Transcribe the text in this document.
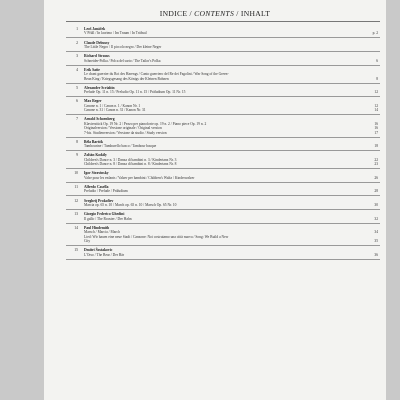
INDICE / CONTENTS / INHALT
1 Leoš Janáček
V Pfüll / In lacrimo / Im Traum / In Trübsal	p. 2
2 Claude Debussy
The Little Negro / Il piccolo negro / Der kleine Neger
3 Richard Strauss
Schneider-Polka / Polca del sarto / The Tailor's Polka	6
4 Erik Satie
Le chant guerrier du Roi des Harengs / Canto guerriero del Re dei Fagolini / War Song of the Green-
Bean King / Kriegsgesang des Königs der Kleinen Bohnen	8
5 Alexander Scriabin
Prelude Op. 11 n. 15 / Preludio Op. 11 n. 15 / Präludium Op. 11 Nr. 15	12
6 Max Reger
Canone n. 1 / Canon n. 1 / Kanon Nr. 1	12
Canone n. 31 / Canon n. 31 / Kanon Nr. 31	14
7 Arnold Schoenberg
Klavierstück Op. 19 Nr. 2 / Pezzo per pianoforte op. 19 n. 2 / Piano piece Op. 19 n. 2	16
Originalversion / Versione originale / Original version	16
7-bis. Studienversion / Versione da studio / Study version	17
8 Béla Bartók
Tambourine / Tamburello basco / Tambour basque	18
9 Zoltán Kodály
Children's Dance n. 3 / Danza di bambini n. 3 / Kindertanz Nr. 3	22
Children's Dance n. 8 / Danza di bambini n. 8 / Kindertanz Nr. 8	23
10 Igor Stravinsky
Valse pour les enfants / Valzer per bambini / Children's Waltz / Kinderwalzer	26
11 Alfredo Casella
Preludio / Prelude / Präludium	28
12 Sergheij Prokofiev
Marcia op. 65 n. 10 / March op. 65 n. 10 / Marsch Op. 65 Nr. 10	30
13 Giorgio Federico Ghedini
Il gallo / The Rooster / Der Hahn	32
14 Paul Hindemith
Marsch / Marcia / March	34
Lied: Wir bauen eine neue Stadt / Canzone: Noi costruiamo una città nuova / Song: We Build a New
City	35
15 Dmitri Šostakovic
L'Orso / The Bear / Der Bär	36
